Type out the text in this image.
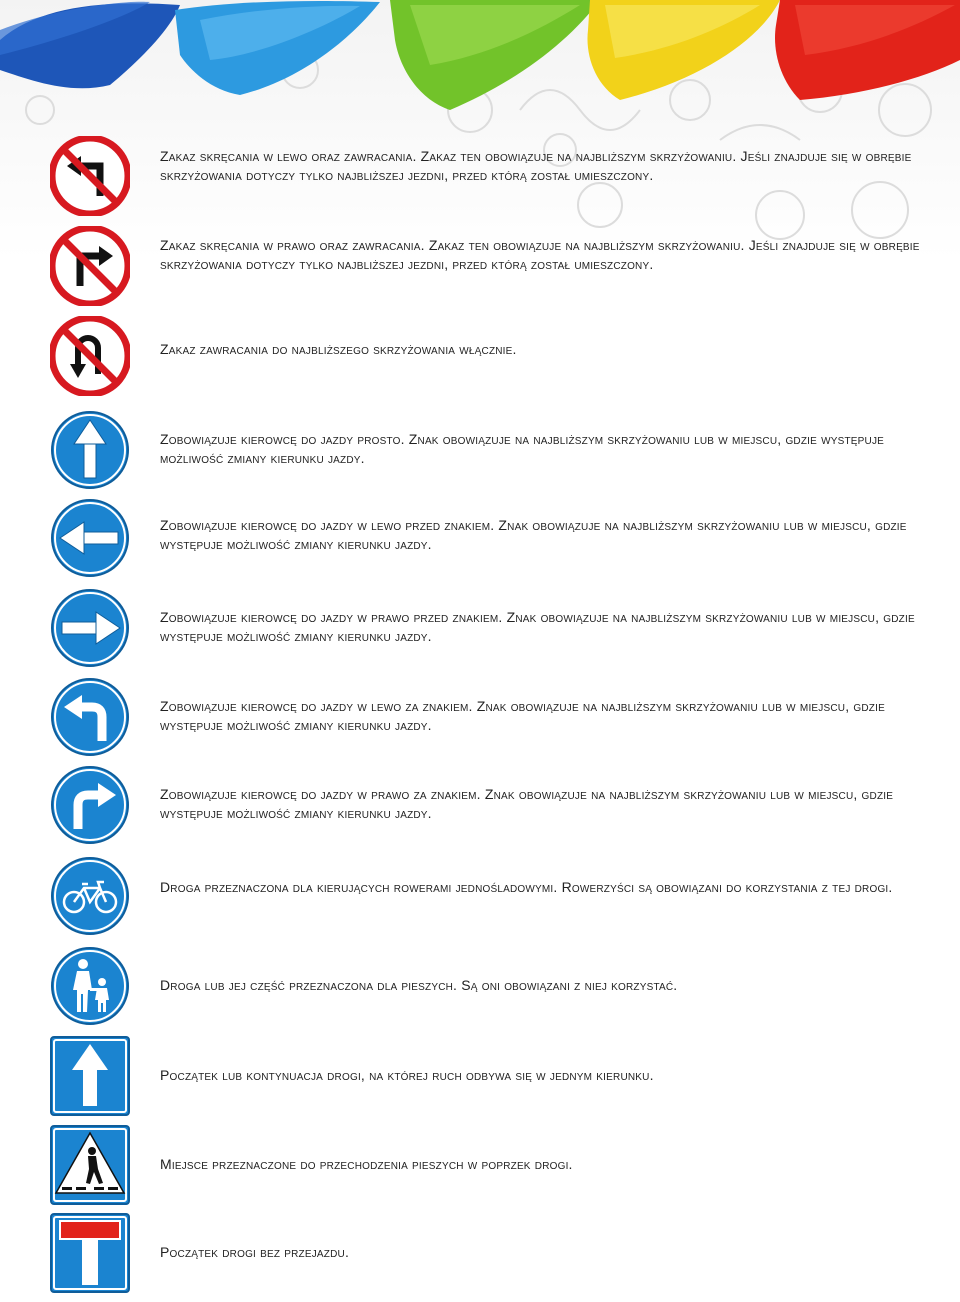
Zakaz skręcania w lewo oraz zawracania. Zakaz ten obowiązuje na najbliższym skrzyżowaniu. Jeśli znajduje się w obrębie skrzyżowania dotyczy tylko najbliższej jezdni, przed którą został umieszczony.
Zakaz skręcania w prawo oraz zawracania. Zakaz ten obowiązuje na najbliższym skrzyżowaniu. Jeśli znajduje się w obrębie skrzyżowania dotyczy tylko najbliższej jezdni, przed którą został umieszczony.
Zakaz zawracania do najbliższego skrzyżowania włącznie.
Zobowiązuje kierowcę do jazdy prosto. Znak obowiązuje na najbliższym skrzyżowaniu lub w miejscu, gdzie występuje możliwość zmiany kierunku jazdy.
Zobowiązuje kierowcę do jazdy w lewo przed znakiem. Znak obowiązuje na najbliższym skrzyżowaniu lub w miejscu, gdzie występuje możliwość zmiany kierunku jazdy.
Zobowiązuje kierowcę do jazdy w prawo przed znakiem. Znak obowiązuje na najbliższym skrzyżowaniu lub w miejscu, gdzie występuje możliwość zmiany kierunku jazdy.
Zobowiązuje kierowcę do jazdy w lewo za znakiem. Znak obowiązuje na najbliższym skrzyżowaniu lub w miejscu, gdzie występuje możliwość zmiany kierunku jazdy.
Zobowiązuje kierowcę do jazdy w prawo za znakiem. Znak obowiązuje na najbliższym skrzyżowaniu lub w miejscu, gdzie występuje możliwość zmiany kierunku jazdy.
Droga przeznaczona dla kierujących rowerami jednośladowymi. Rowerzyści są obowiązani do korzystania z tej drogi.
Droga lub jej część przeznaczona dla pieszych. Są oni obowiązani z niej korzystać.
Początek lub kontynuacja drogi, na której ruch odbywa się w jednym kierunku.
Miejsce przeznaczone do przechodzenia pieszych w poprzek drogi.
Początek drogi bez przejazdu.
